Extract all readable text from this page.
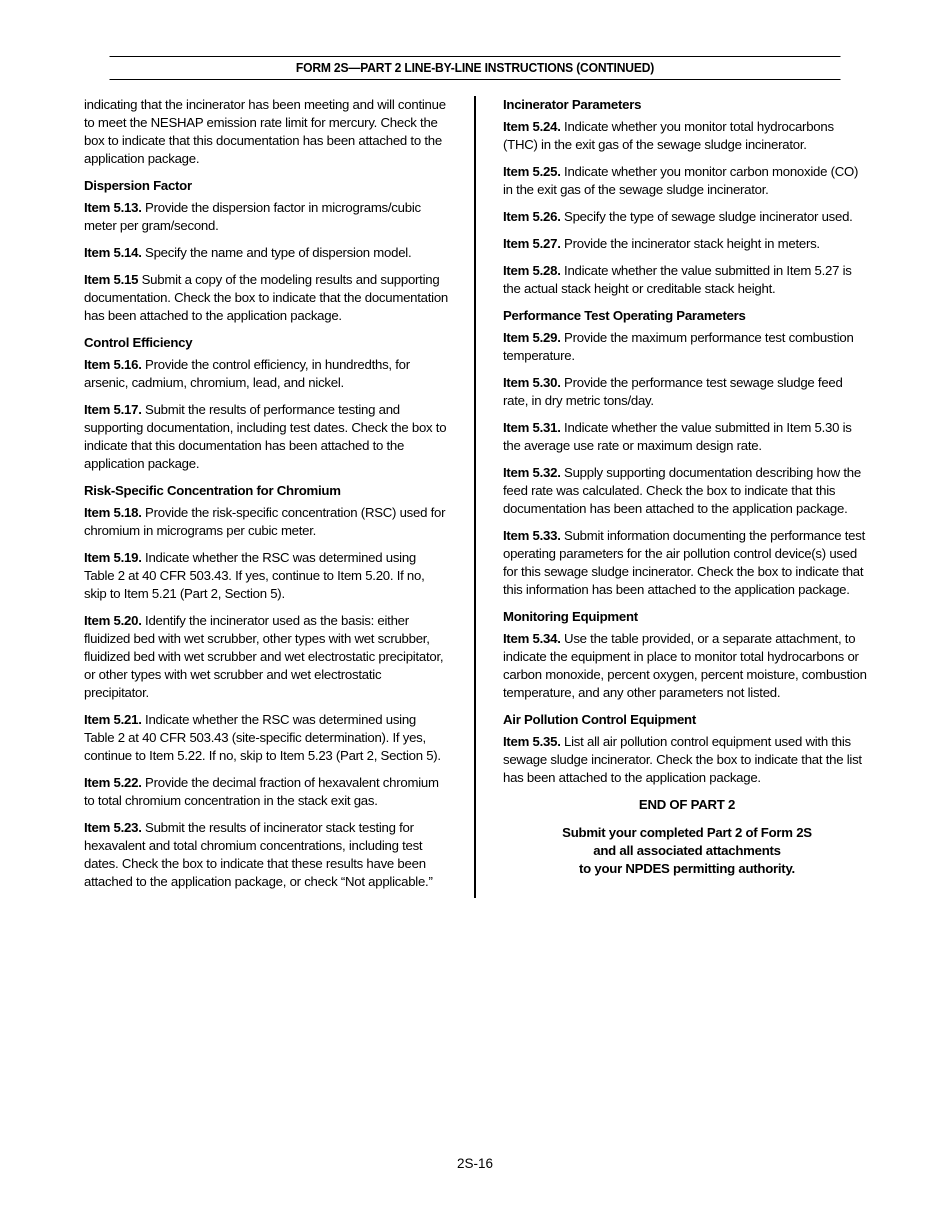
FORM 2S—PART 2 LINE-BY-LINE INSTRUCTIONS (CONTINUED)

indicating that the incinerator has been meeting and will continue to meet the NESHAP emission rate limit for mercury. Check the box to indicate that this documentation has been attached to the application package.

Dispersion Factor

Item 5.13. Provide the dispersion factor in micrograms/cubic meter per gram/second.

Item 5.14. Specify the name and type of dispersion model.

Item 5.15 Submit a copy of the modeling results and supporting documentation. Check the box to indicate that the documentation has been attached to the application package.

Control Efficiency

Item 5.16. Provide the control efficiency, in hundredths, for arsenic, cadmium, chromium, lead, and nickel.

Item 5.17. Submit the results of performance testing and supporting documentation, including test dates. Check the box to indicate that this documentation has been attached to the application package.

Risk-Specific Concentration for Chromium

Item 5.18. Provide the risk-specific concentration (RSC) used for chromium in micrograms per cubic meter.

Item 5.19. Indicate whether the RSC was determined using Table 2 at 40 CFR 503.43. If yes, continue to Item 5.20. If no, skip to Item 5.21 (Part 2, Section 5).

Item 5.20. Identify the incinerator used as the basis: either fluidized bed with wet scrubber, other types with wet scrubber, fluidized bed with wet scrubber and wet electrostatic precipitator, or other types with wet scrubber and wet electrostatic precipitator.

Item 5.21. Indicate whether the RSC was determined using Table 2 at 40 CFR 503.43 (site-specific determination). If yes, continue to Item 5.22. If no, skip to Item 5.23 (Part 2, Section 5).

Item 5.22. Provide the decimal fraction of hexavalent chromium to total chromium concentration in the stack exit gas.

Item 5.23. Submit the results of incinerator stack testing for hexavalent and total chromium concentrations, including test dates. Check the box to indicate that these results have been attached to the application package, or check “Not applicable.”

Incinerator Parameters

Item 5.24. Indicate whether you monitor total hydrocarbons (THC) in the exit gas of the sewage sludge incinerator.

Item 5.25. Indicate whether you monitor carbon monoxide (CO) in the exit gas of the sewage sludge incinerator.

Item 5.26. Specify the type of sewage sludge incinerator used.

Item 5.27. Provide the incinerator stack height in meters.

Item 5.28. Indicate whether the value submitted in Item 5.27 is the actual stack height or creditable stack height.

Performance Test Operating Parameters

Item 5.29. Provide the maximum performance test combustion temperature.

Item 5.30. Provide the performance test sewage sludge feed rate, in dry metric tons/day.

Item 5.31. Indicate whether the value submitted in Item 5.30 is the average use rate or maximum design rate.

Item 5.32. Supply supporting documentation describing how the feed rate was calculated. Check the box to indicate that this documentation has been attached to the application package.

Item 5.33. Submit information documenting the performance test operating parameters for the air pollution control device(s) used for this sewage sludge incinerator. Check the box to indicate that this information has been attached to the application package.

Monitoring Equipment

Item 5.34. Use the table provided, or a separate attachment, to indicate the equipment in place to monitor total hydrocarbons or carbon monoxide, percent oxygen, percent moisture, combustion temperature, and any other parameters not listed.

Air Pollution Control Equipment

Item 5.35. List all air pollution control equipment used with this sewage sludge incinerator. Check the box to indicate that the list has been attached to the application package.

END OF PART 2
Submit your completed Part 2 of Form 2S
and all associated attachments
to your NPDES permitting authority.
2S-16
